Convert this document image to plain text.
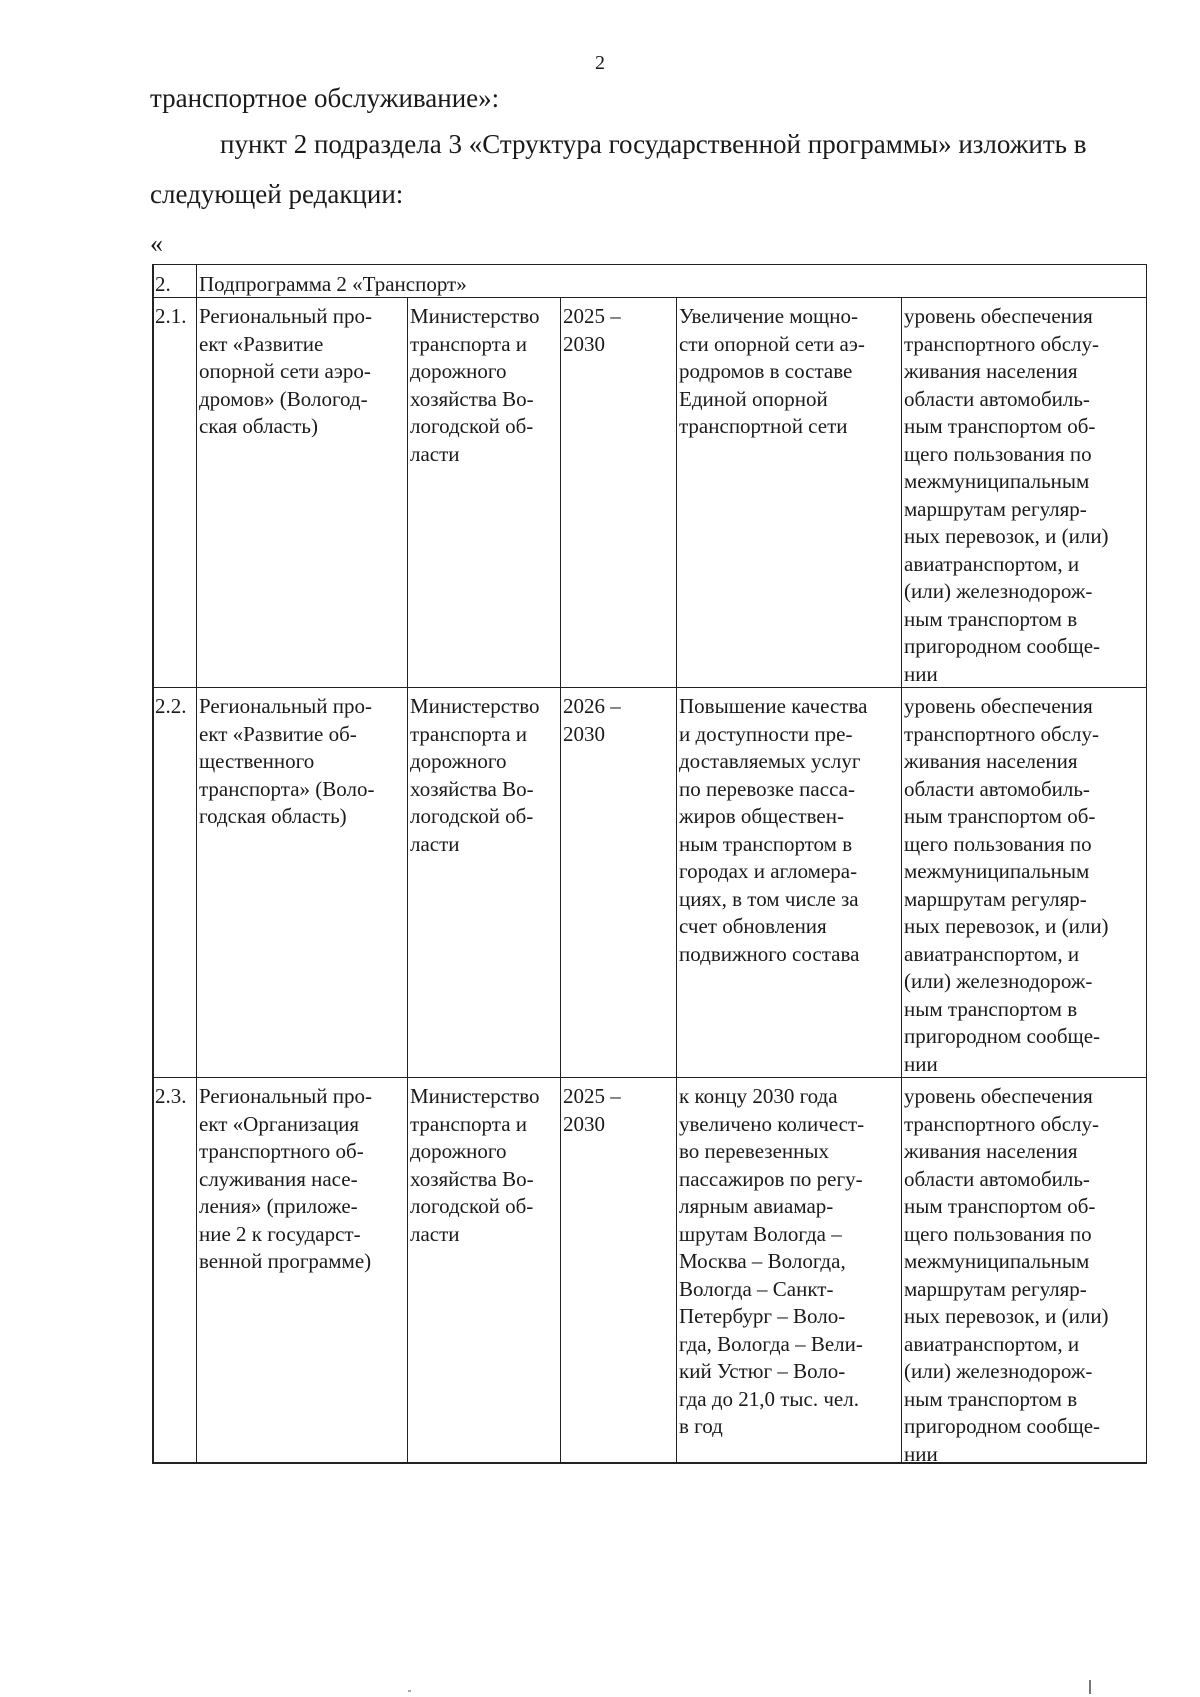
2
транспортное обслуживание»:
пункт 2 подраздела 3 «Структура государственной программы» изложить в
следующей редакции:
«
2.	Подпрограмма 2 «Транспорт»
2.1. Региональный про-
ект «Развитие
опорной сети аэро-
дромов» (Вологод-
ская область)
Министерство
транспорта и
дорожного
хозяйства Во-
логодской об-
ласти
2025 –
2030
Увеличение мощно-
сти опорной сети аэ-
родромов в составе
Единой опорной
транспортной сети
уровень обеспечения
транспортного обслу-
живания населения
области автомобиль-
ным транспортом об-
щего пользования по
межмуниципальным
маршрутам регуляр-
ных перевозок, и (или)
авиатранспортом, и
(или) железнодорож-
ным транспортом в
пригородном сообще-
нии
2.2. Региональный про-
ект «Развитие об-
щественного
транспорта» (Воло-
годская область)
Министерство
транспорта и
дорожного
хозяйства Во-
логодской об-
ласти
2026 –
2030
Повышение качества
и доступности пре-
доставляемых услуг
по перевозке пасса-
жиров обществен-
ным транспортом в
городах и агломера-
циях, в том числе за
счет обновления
подвижного состава
уровень обеспечения
транспортного обслу-
живания населения
области автомобиль-
ным транспортом об-
щего пользования по
межмуниципальным
маршрутам регуляр-
ных перевозок, и (или)
авиатранспортом, и
(или) железнодорож-
ным транспортом в
пригородном сообще-
нии
2.3. Региональный про-
ект «Организация
транспортного об-
служивания насе-
ления» (приложе-
ние 2 к государст-
венной программе)
Министерство
транспорта и
дорожного
хозяйства Во-
логодской об-
ласти
2025 –
2030
к концу 2030 года
увеличено количест-
во перевезенных
пассажиров по регу-
лярным авиамар-
шрутам Вологда –
Москва – Вологда,
Вологда – Санкт-
Петербург – Воло-
гда, Вологда – Вели-
кий Устюг – Воло-
гда до 21,0 тыс. чел.
в год
уровень обеспечения
транспортного обслу-
живания населения
области автомобиль-
ным транспортом об-
щего пользования по
межмуниципальным
маршрутам регуляр-
ных перевозок, и (или)
авиатранспортом, и
(или) железнодорож-
ным транспортом в
пригородном сообще-
нии
